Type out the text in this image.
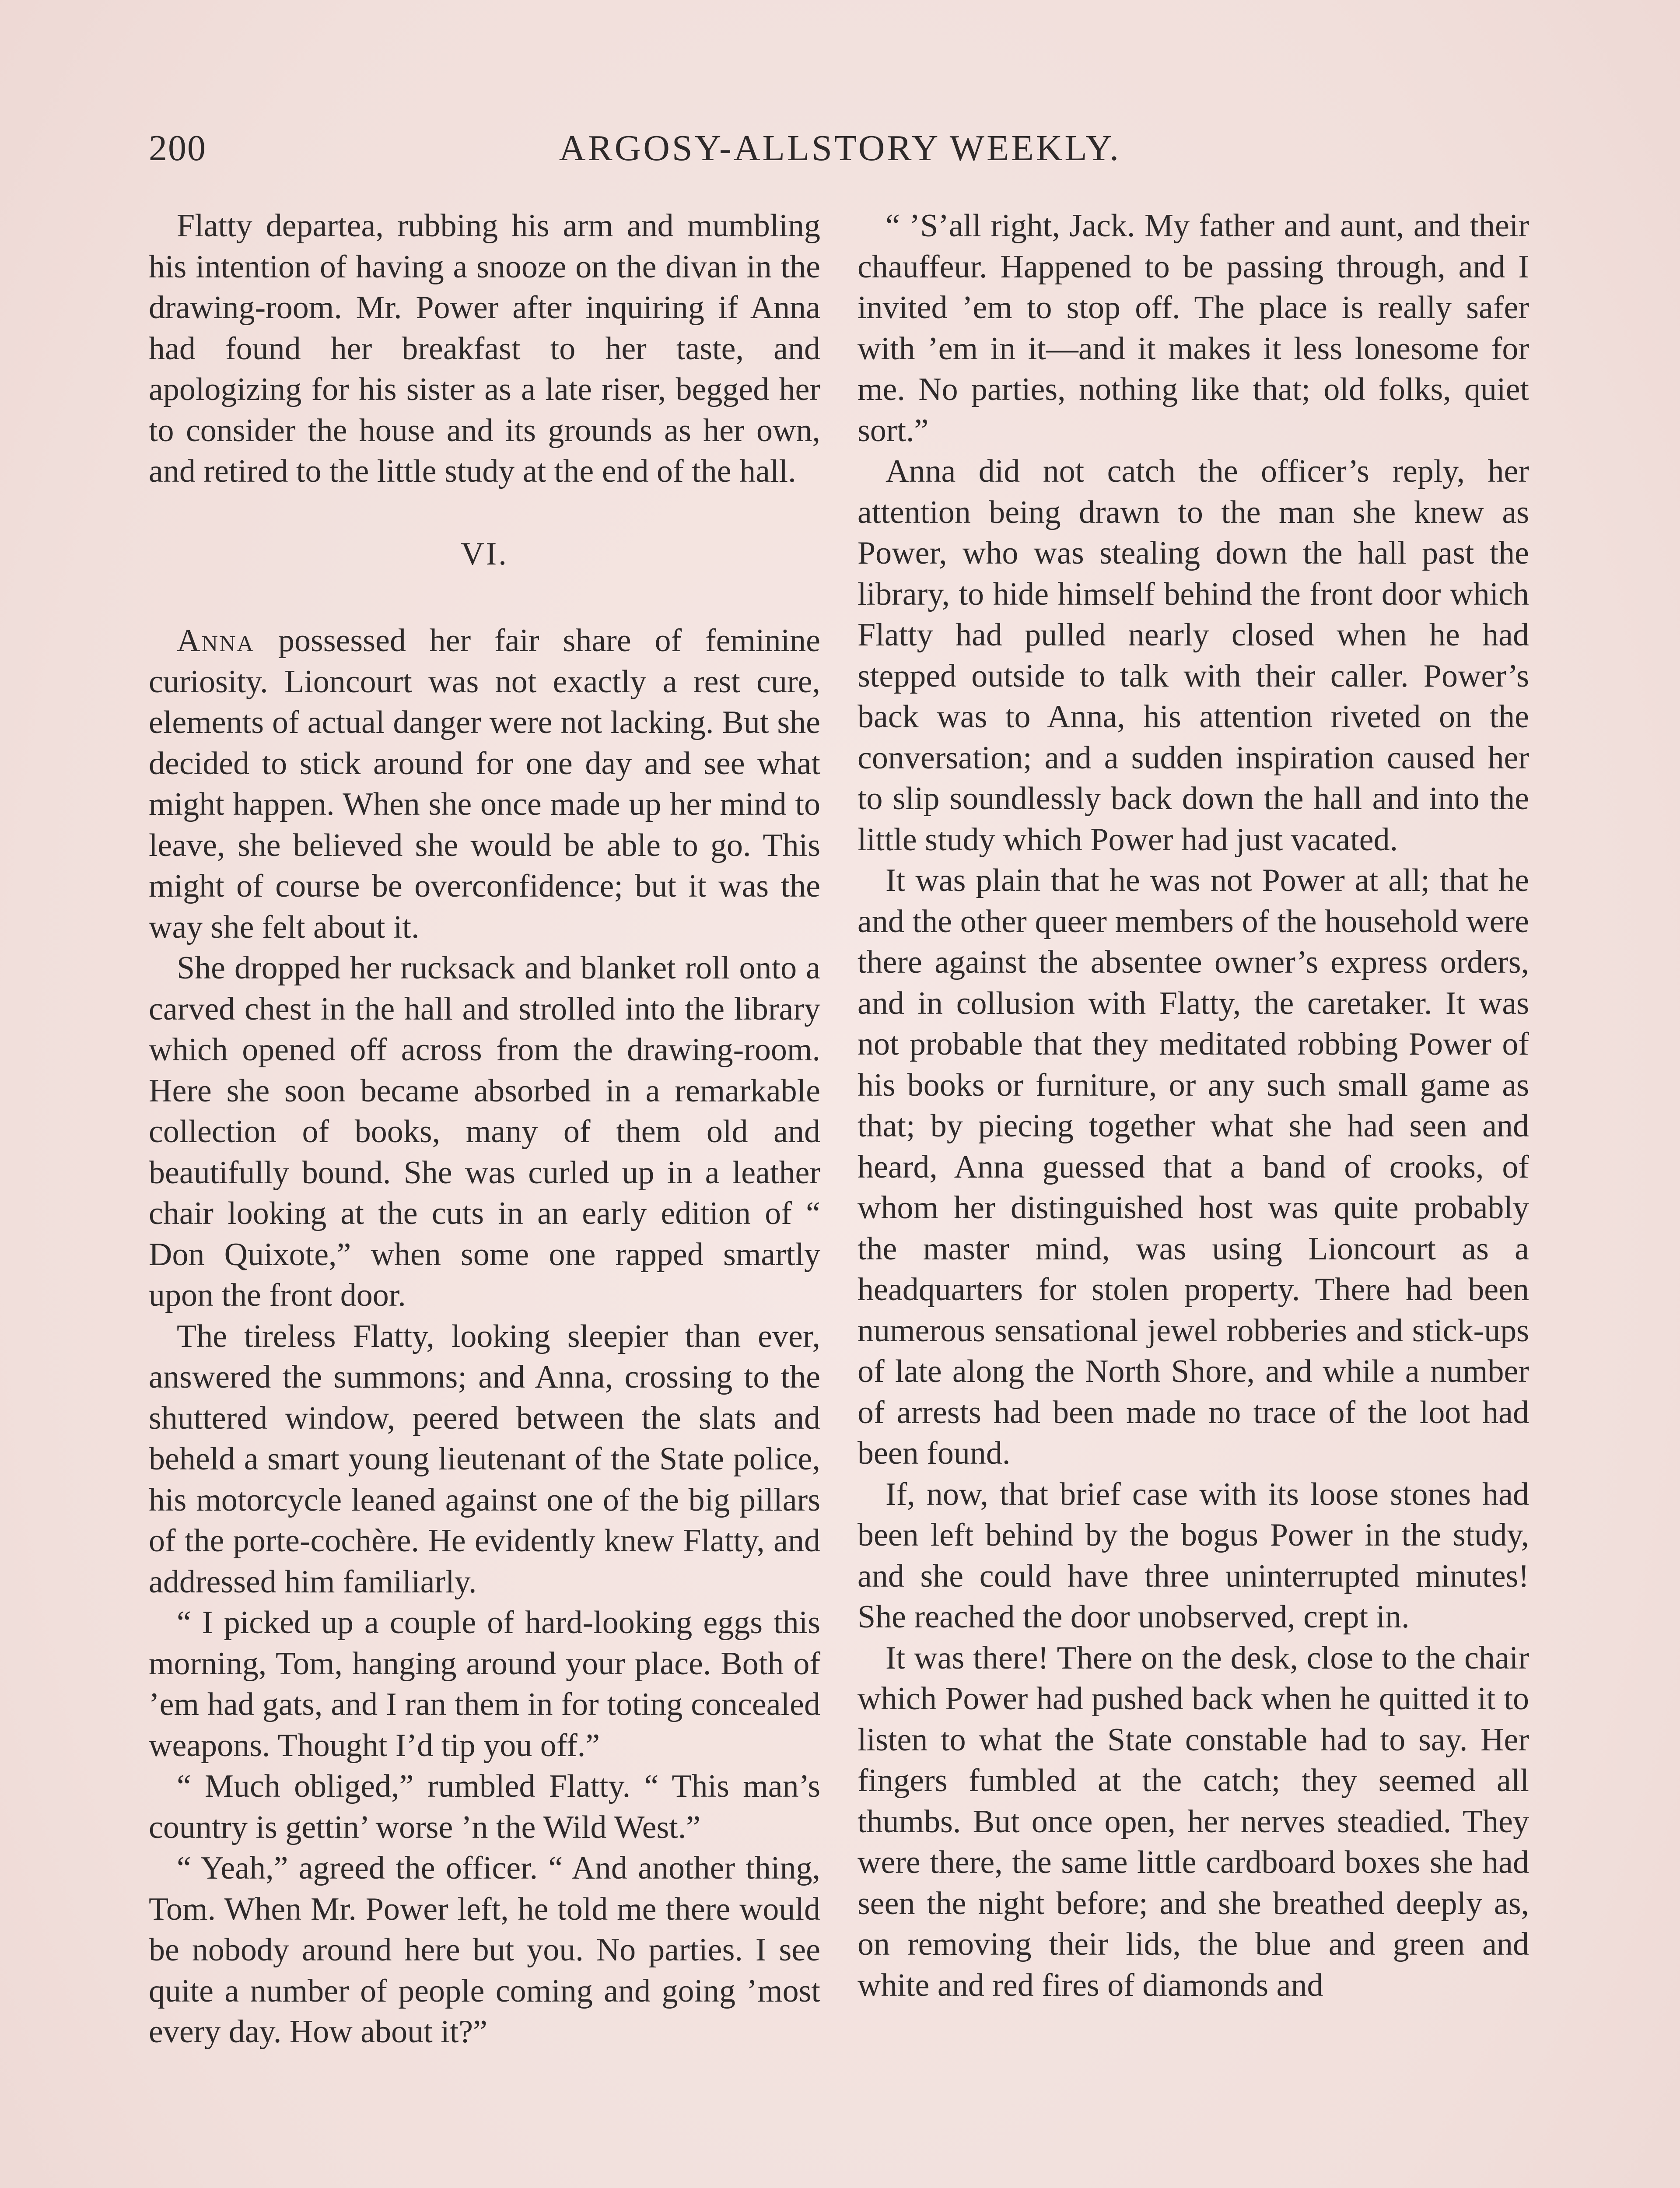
200	ARGOSY-ALLSTORY WEEKLY.

Flatty departea, rubbing his arm and mumbling his intention of having a snooze on the divan in the drawing-room. Mr. Power after inquiring if Anna had found her breakfast to her taste, and apologizing for his sister as a late riser, begged her to consider the house and its grounds as her own, and retired to the little study at the end of the hall.

VI.

Anna possessed her fair share of feminine curiosity. Lioncourt was not exactly a rest cure, elements of actual danger were not lacking. But she decided to stick around for one day and see what might happen. When she once made up her mind to leave, she believed she would be able to go. This might of course be overconfidence; but it was the way she felt about it.

She dropped her rucksack and blanket roll onto a carved chest in the hall and strolled into the library which opened off across from the drawing-room. Here she soon became absorbed in a remarkable collection of books, many of them old and beautifully bound. She was curled up in a leather chair looking at the cuts in an early edition of “ Don Quixote,” when some one rapped smartly upon the front door.

The tireless Flatty, looking sleepier than ever, answered the summons; and Anna, crossing to the shuttered window, peered between the slats and beheld a smart young lieutenant of the State police, his motorcycle leaned against one of the big pillars of the porte-cochère. He evidently knew Flatty, and addressed him familiarly.

“ I picked up a couple of hard-looking eggs this morning, Tom, hanging around your place. Both of ’em had gats, and I ran them in for toting concealed weapons. Thought I’d tip you off.”

“ Much obliged,” rumbled Flatty. “ This man’s country is gettin’ worse ’n the Wild West.”

“ Yeah,” agreed the officer. “ And another thing, Tom. When Mr. Power left, he told me there would be nobody around here but you. No parties. I see quite a number of people coming and going ’most every day. How about it?”

“ ’S’all right, Jack. My father and aunt, and their chauffeur. Happened to be passing through, and I invited ’em to stop off. The place is really safer with ’em in it—and it makes it less lonesome for me. No parties, nothing like that; old folks, quiet sort.”

Anna did not catch the officer’s reply, her attention being drawn to the man she knew as Power, who was stealing down the hall past the library, to hide himself behind the front door which Flatty had pulled nearly closed when he had stepped outside to talk with their caller. Power’s back was to Anna, his attention riveted on the conversation; and a sudden inspiration caused her to slip soundlessly back down the hall and into the little study which Power had just vacated.

It was plain that he was not Power at all; that he and the other queer members of the household were there against the absentee owner’s express orders, and in collusion with Flatty, the caretaker. It was not probable that they meditated robbing Power of his books or furniture, or any such small game as that; by piecing together what she had seen and heard, Anna guessed that a band of crooks, of whom her distinguished host was quite probably the master mind, was using Lioncourt as a headquarters for stolen property. There had been numerous sensational jewel robberies and stick-ups of late along the North Shore, and while a number of arrests had been made no trace of the loot had been found.

If, now, that brief case with its loose stones had been left behind by the bogus Power in the study, and she could have three uninterrupted minutes! She reached the door unobserved, crept in.

It was there! There on the desk, close to the chair which Power had pushed back when he quitted it to listen to what the State constable had to say. Her fingers fumbled at the catch; they seemed all thumbs. But once open, her nerves steadied. They were there, the same little cardboard boxes she had seen the night before; and she breathed deeply as, on removing their lids, the blue and green and white and red fires of diamonds and
